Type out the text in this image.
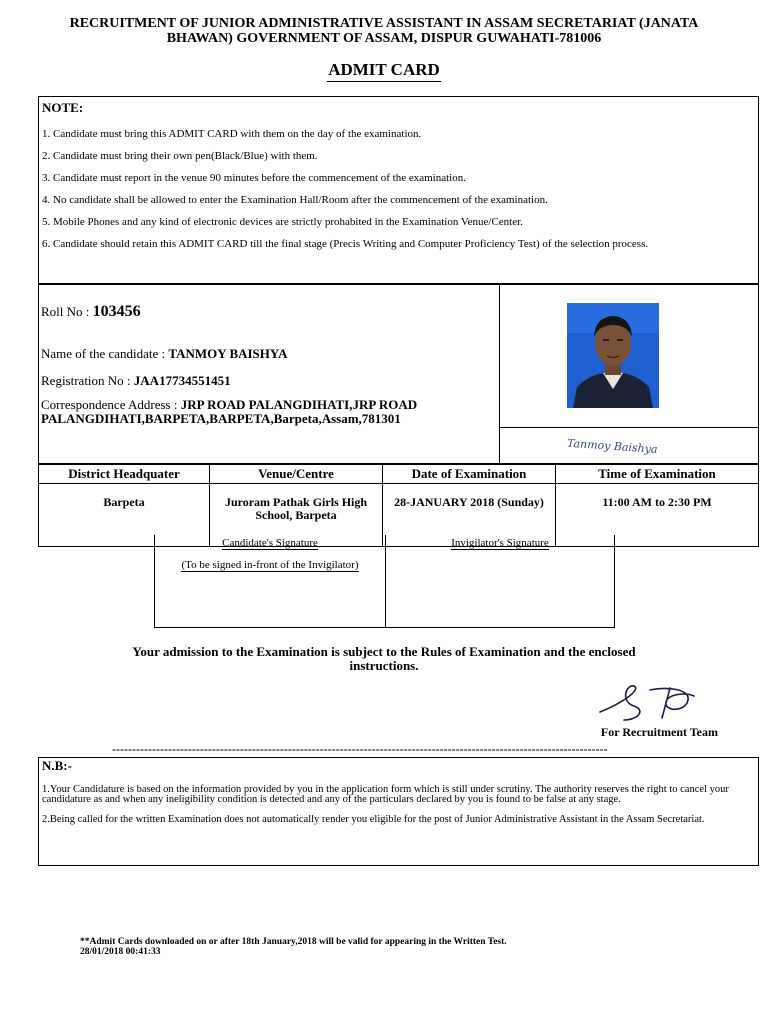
RECRUITMENT OF JUNIOR ADMINISTRATIVE ASSISTANT IN ASSAM SECRETARIAT (JANATA BHAWAN) GOVERNMENT OF ASSAM, DISPUR GUWAHATI-781006
ADMIT CARD
NOTE:
1. Candidate must bring this ADMIT CARD with them on the day of the examination.
2. Candidate must bring their own pen(Black/Blue) with them.
3. Candidate must report in the venue 90 minutes before the commencement of the examination.
4. No candidate shall be allowed to enter the Examination Hall/Room after the commencement of the examination.
5. Mobile Phones and any kind of electronic devices are strictly prohabited in the Examination Venue/Center.
6. Candidate should retain this ADMIT CARD till the final stage (Precis Writing and Computer Proficiency Test) of the selection process.
Roll No : 103456
Name of the candidate : TANMOY BAISHYA
Registration No : JAA17734551451
Correspondence Address : JRP ROAD PALANGDIHATI,JRP ROAD PALANGDIHATI,BARPETA,BARPETA,Barpeta,Assam,781301
Tanmoy Baishya
District Headquater	Venue/Centre	Date of Examination	Time of Examination
Barpeta	Juroram Pathak Girls High School, Barpeta	28-JANUARY 2018 (Sunday)	11:00 AM to 2:30 PM
Candidate's Signature
(To be signed in-front of the Invigilator)
Invigilator's Signature
Your admission to the Examination is subject to the Rules of Examination and the enclosed instructions.
For Recruitment Team
----------------------------------------------------------------------------------------------------------------------------
N.B:-
1.Your Candidature is based on the information provided by you in the application form which is still under scrutiny. The authority reserves the right to cancel your candidature as and when any ineligibility condition is detected and any of the particulars declared by you is found to be false at any stage.
2.Being called for the written Examination does not automatically render you eligible for the post of Junior Administrative Assistant in the Assam Secretariat.
**Admit Cards downloaded on or after 18th January,2018 will be valid for appearing in the Written Test.
28/01/2018 00:41:33
